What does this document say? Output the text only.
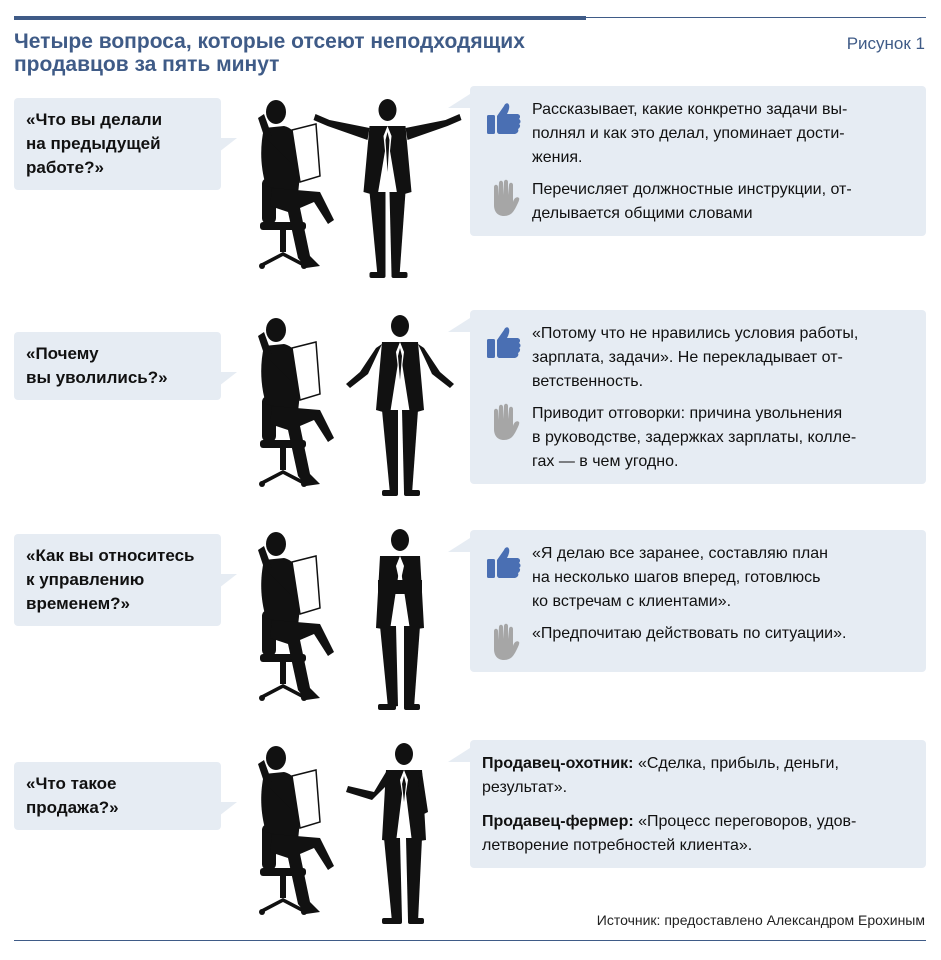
Четыре вопроса, которые отсеют неподходящих
продавцов за пять минут
Рисунок 1
«Что вы делали
на предыдущей
работе?»
Рассказывает, какие конкретно задачи вы-
полнял и как это делал, упоминает дости-
жения.
Перечисляет должностные инструкции, от-
делывается общими словами
«Почему
вы уволились?»
«Потому что не нравились условия работы,
зарплата, задачи». Не перекладывает от-
ветственность.
Приводит отговорки: причина увольнения
в руководстве, задержках зарплаты, колле-
гах — в чем угодно.
«Как вы относитесь
к управлению
временем?»
«Я делаю все заранее, составляю план
на несколько шагов вперед, готовлюсь
ко встречам с клиентами».
«Предпочитаю действовать по ситуации».
«Что такое
продажа?»
Продавец-охотник: «Сделка, прибыль, деньги,
результат».
Продавец-фермер: «Процесс переговоров, удов-
летворение потребностей клиента».
Источник: предоставлено Александром Ерохиным
